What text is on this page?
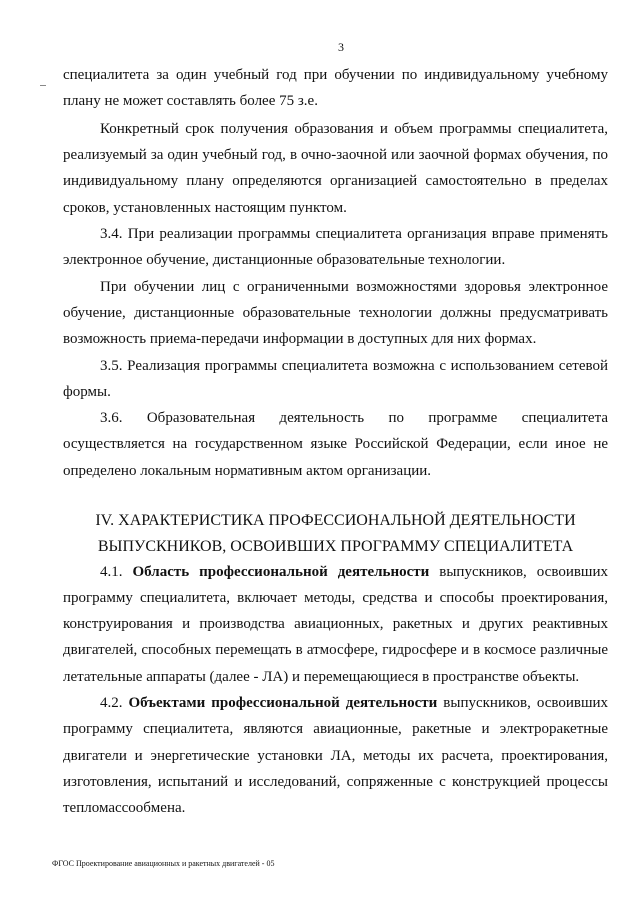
3
специалитета за один учебный год при обучении по индивидуальному учебному
плану не может составлять более 75 з.е.
Конкретный срок получения образования и объем программы специалитета,
реализуемый за один учебный год, в очно-заочной или заочной формах обучения, по
индивидуальному плану определяются организацией самостоятельно в пределах
сроков, установленных настоящим пунктом.
3.4. При реализации программы специалитета организация вправе применять
электронное обучение, дистанционные образовательные технологии.
При обучении лиц с ограниченными возможностями здоровья электронное
обучение, дистанционные образовательные технологии должны предусматривать
возможность приема-передачи информации в доступных для них формах.
3.5. Реализация программы специалитета возможна с использованием сетевой
формы.
3.6. Образовательная деятельность по программе специалитета
осуществляется на государственном языке Российской Федерации, если иное не
определено локальным нормативным актом организации.
IV. ХАРАКТЕРИСТИКА ПРОФЕССИОНАЛЬНОЙ ДЕЯТЕЛЬНОСТИ
ВЫПУСКНИКОВ, ОСВОИВШИХ ПРОГРАММУ СПЕЦИАЛИТЕТА
4.1. Область профессиональной деятельности выпускников, освоивших
программу специалитета, включает методы, средства и способы проектирования,
конструирования и производства авиационных, ракетных и других реактивных
двигателей, способных перемещать в атмосфере, гидросфере и в космосе различные
летательные аппараты (далее - ЛА) и перемещающиеся в пространстве объекты.
4.2. Объектами профессиональной деятельности выпускников, освоивших
программу специалитета, являются авиационные, ракетные и электроракетные
двигатели и энергетические установки ЛА, методы их расчета, проектирования,
изготовления, испытаний и исследований, сопряженные с конструкцией процессы
тепломассообмена.
ФГОС Проектирование авиационных и ракетных двигателей - 05
